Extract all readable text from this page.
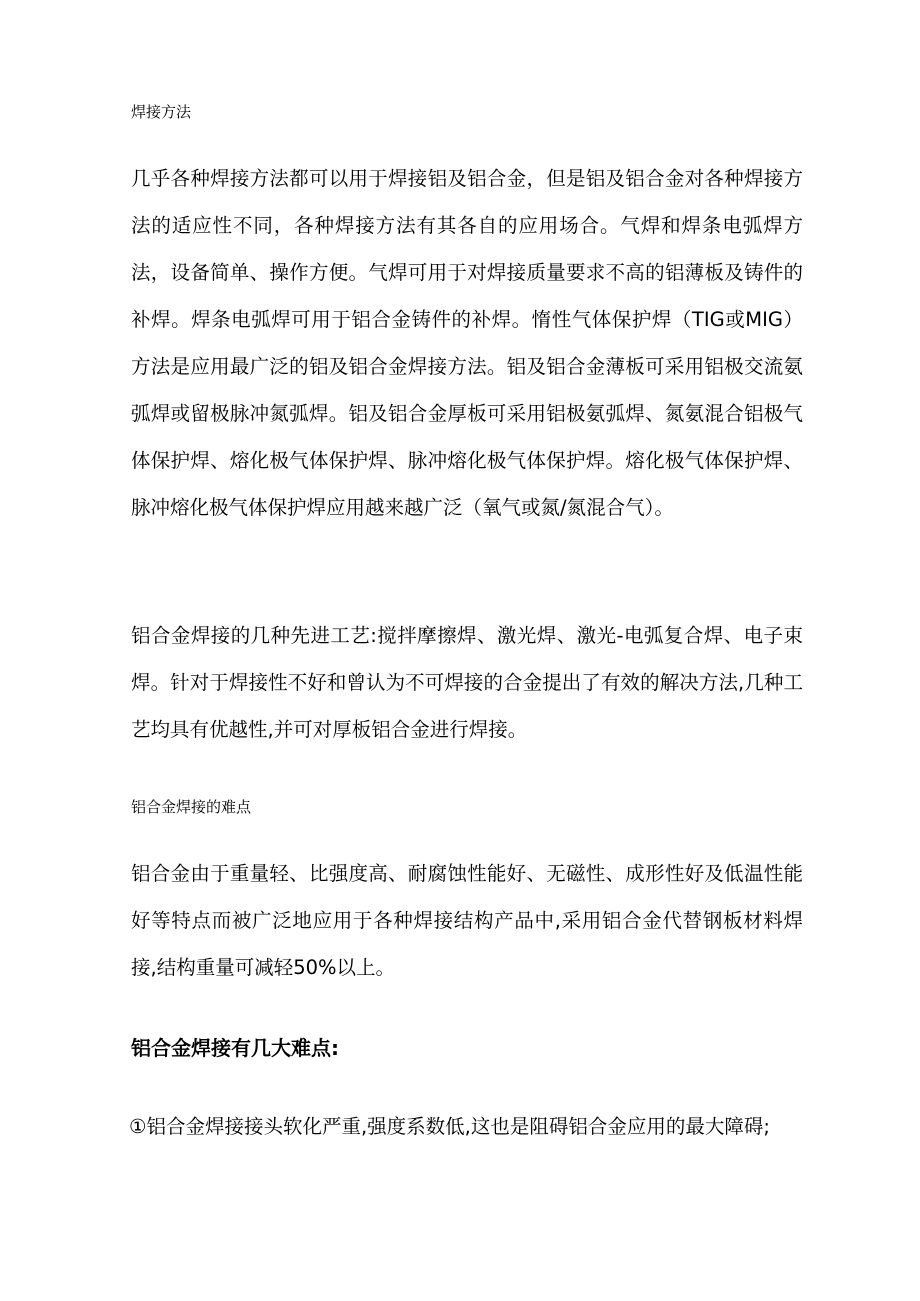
焊接方法
几乎各种焊接方法都可以用于焊接铝及铝合金，但是铝及铝合金对各种焊接方法的适应性不同，各种焊接方法有其各自的应用场合。气焊和焊条电弧焊方法，设备简单、操作方便。气焊可用于对焊接质量要求不高的铝薄板及铸件的补焊。焊条电弧焊可用于铝合金铸件的补焊。惰性气体保护焊（TIG或MIG）方法是应用最广泛的铝及铝合金焊接方法。铝及铝合金薄板可采用铝极交流氨弧焊或留极脉冲氮弧焊。铝及铝合金厚板可采用铝极氨弧焊、氮氨混合铝极气体保护焊、熔化极气体保护焊、脉冲熔化极气体保护焊。熔化极气体保护焊、脉冲熔化极气体保护焊应用越来越广泛（氧气或氮/氮混合气）。
铝合金焊接的几种先进工艺:搅拌摩擦焊、激光焊、激光-电弧复合焊、电子束焊。针对于焊接性不好和曾认为不可焊接的合金提出了有效的解决方法,几种工艺均具有优越性,并可对厚板铝合金进行焊接。
铝合金焊接的难点
铝合金由于重量轻、比强度高、耐腐蚀性能好、无磁性、成形性好及低温性能好等特点而被广泛地应用于各种焊接结构产品中,采用铝合金代替钢板材料焊接,结构重量可减轻50%以上。
铝合金焊接有几大难点:
①铝合金焊接接头软化严重,强度系数低,这也是阻碍铝合金应用的最大障碍;
